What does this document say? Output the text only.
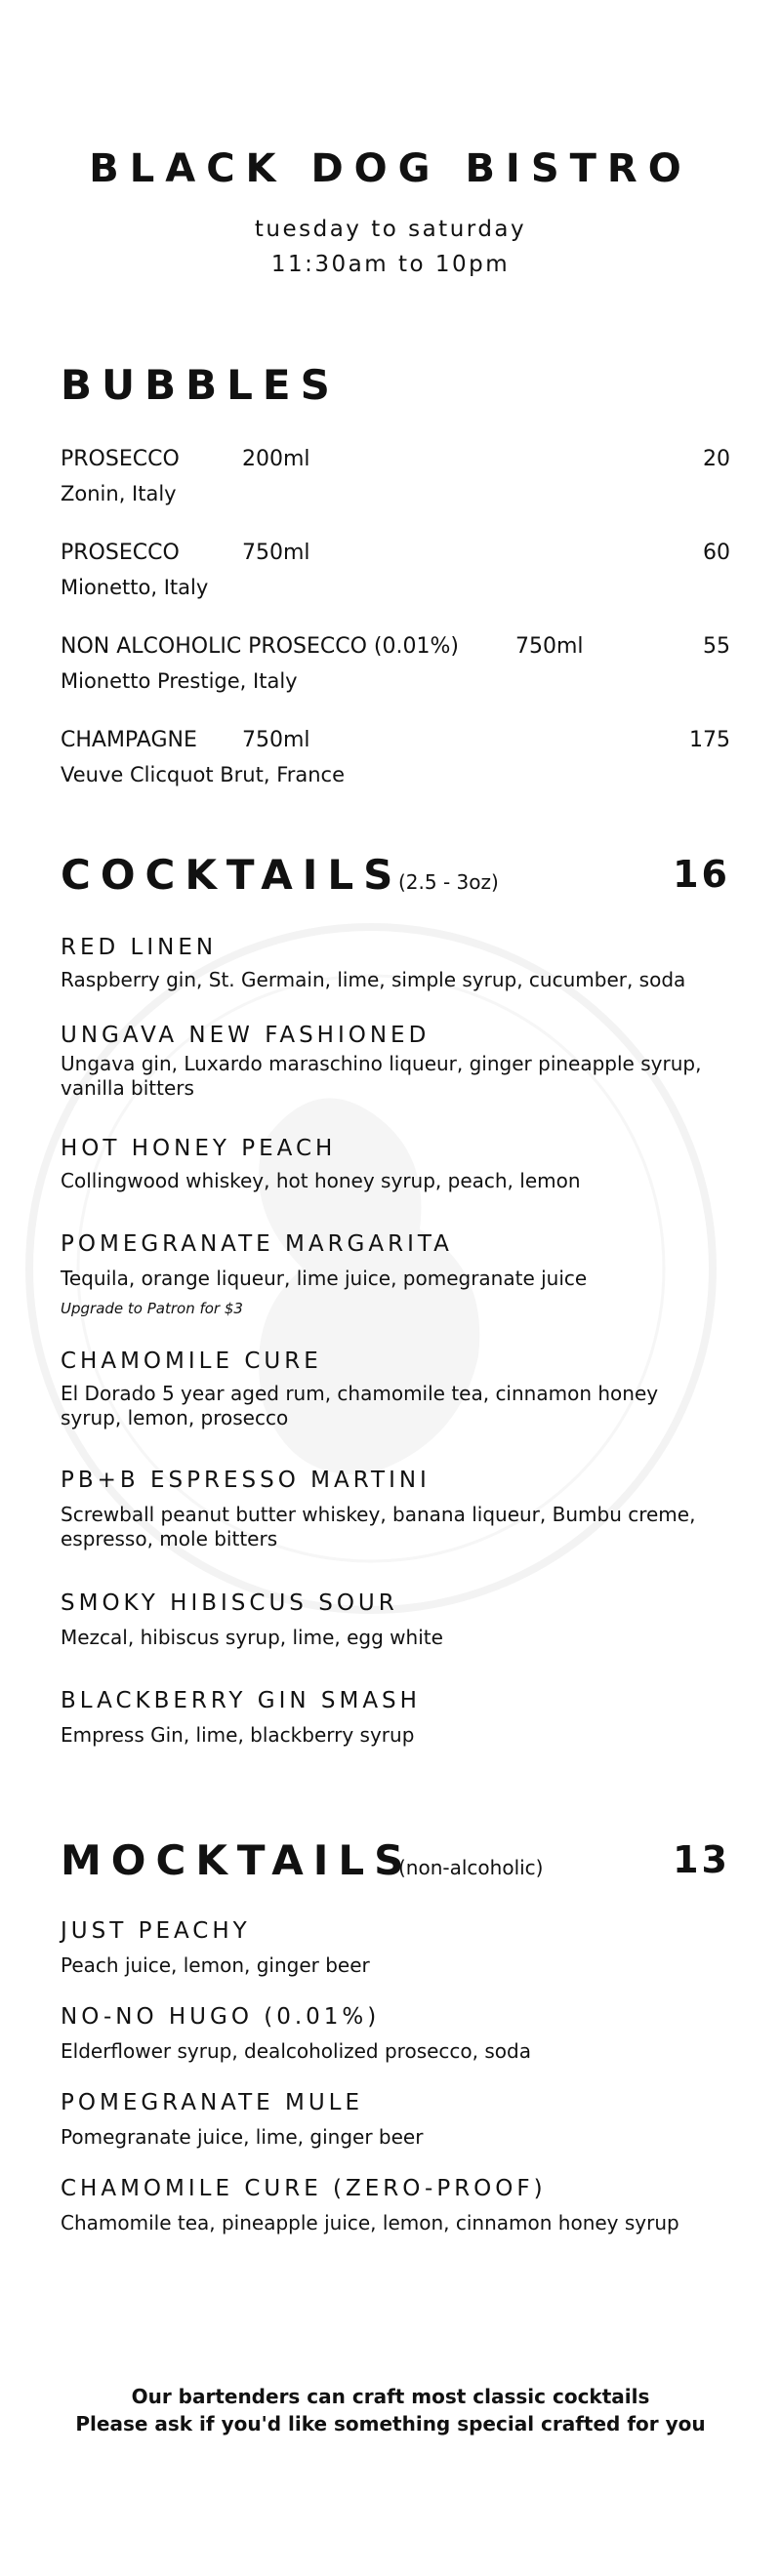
BLACK DOG BISTRO
tuesday to saturday
11:30am to 10pm
BUBBLES
PROSECCO	200ml	20
Zonin, Italy
PROSECCO	750ml	60
Mionetto, Italy
NON ALCOHOLIC PROSECCO (0.01%)	750ml	55
Mionetto Prestige, Italy
CHAMPAGNE 750ml	175
Veuve Clicquot Brut, France
COCKTAILS
(2.5 - 3oz)	16
RED LINEN
Raspberry gin, St. Germain, lime, simple syrup, cucumber, soda
UNGAVA NEW FASHIONED
Ungava gin, Luxardo maraschino liqueur, ginger pineapple syrup, vanilla bitters
HOT HONEY PEACH
Collingwood whiskey, hot honey syrup, peach, lemon
POMEGRANATE MARGARITA
Tequila, orange liqueur, lime juice, pomegranate juice
Upgrade to Patron for $3
CHAMOMILE CURE
El Dorado 5 year aged rum, chamomile tea, cinnamon honey syrup, lemon, prosecco
PB+B ESPRESSO MARTINI
Screwball peanut butter whiskey, banana liqueur, Bumbu creme, espresso, mole bitters
SMOKY HIBISCUS SOUR
Mezcal, hibiscus syrup, lime, egg white
BLACKBERRY GIN SMASH
Empress Gin, lime, blackberry syrup
MOCKTAILS
(non-alcoholic)	13
JUST PEACHY
Peach juice, lemon, ginger beer
NO-NO HUGO (0.01%)
Elderflower syrup, dealcoholized prosecco, soda
POMEGRANATE MULE
Pomegranate juice, lime, ginger beer
CHAMOMILE CURE (ZERO-PROOF)
Chamomile tea, pineapple juice, lemon, cinnamon honey syrup
Our bartenders can craft most classic cocktails
Please ask if you'd like something special crafted for you
